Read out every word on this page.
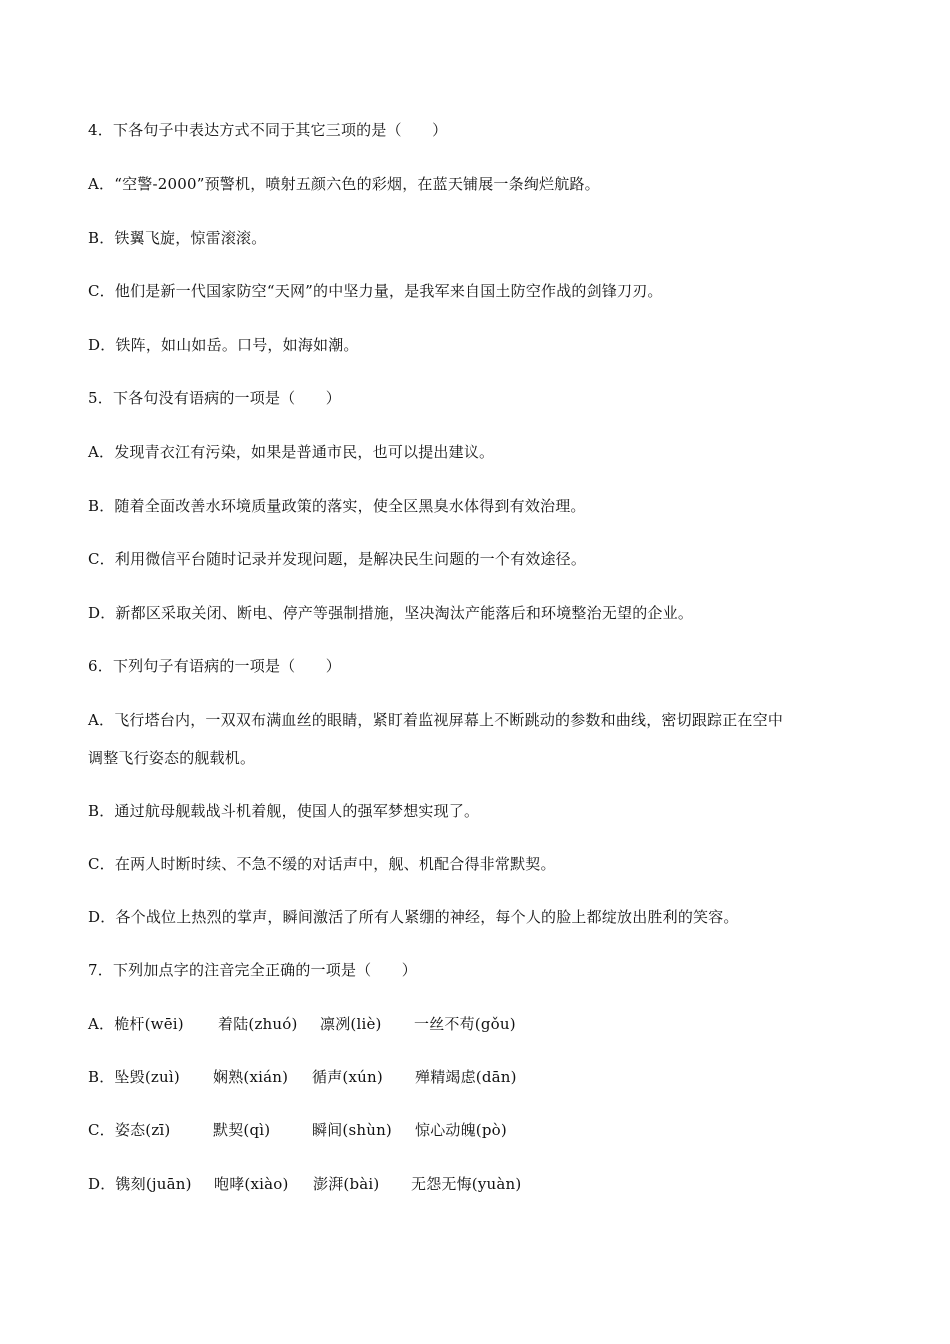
4．下各句子中表达方式不同于其它三项的是（　　）
A．“空警-2000”预警机，喷射五颜六色的彩烟，在蓝天铺展一条绚烂航路。
B．铁翼飞旋，惊雷滚滚。
C．他们是新一代国家防空“天网”的中坚力量，是我军来自国土防空作战的剑锋刀刃。
D．铁阵，如山如岳。口号，如海如潮。
5．下各句没有语病的一项是（　　）
A．发现青衣江有污染，如果是普通市民，也可以提出建议。
B．随着全面改善水环境质量政策的落实，使全区黑臭水体得到有效治理。
C．利用微信平台随时记录并发现问题，是解决民生问题的一个有效途径。
D．新都区采取关闭、断电、停产等强制措施，坚决淘汰产能落后和环境整治无望的企业。
6．下列句子有语病的一项是（　　）
A．飞行塔台内，一双双布满血丝的眼睛，紧盯着监视屏幕上不断跳动的参数和曲线，密切跟踪正在空中
调整飞行姿态的舰载机。
B．通过航母舰载战斗机着舰，使国人的强军梦想实现了。
C．在两人时断时续、不急不缓的对话声中，舰、机配合得非常默契。
D．各个战位上热烈的掌声，瞬间激活了所有人紧绷的神经，每个人的脸上都绽放出胜利的笑容。
7．下列加点字的注音完全正确的一项是（　　）
A．桅杆(wēi) 着陆(zhuó) 凛冽(liè) 一丝不苟(gǒu)
B．坠毁(zuì) 娴熟(xián) 循声(xún) 殚精竭虑(dān)
C．姿态(zī)	默契(qì)	瞬间(shùn) 惊心动魄(pò)
D．镌刻(juān) 咆哮(xiào) 澎湃(bài) 无怨无悔(yuàn)
